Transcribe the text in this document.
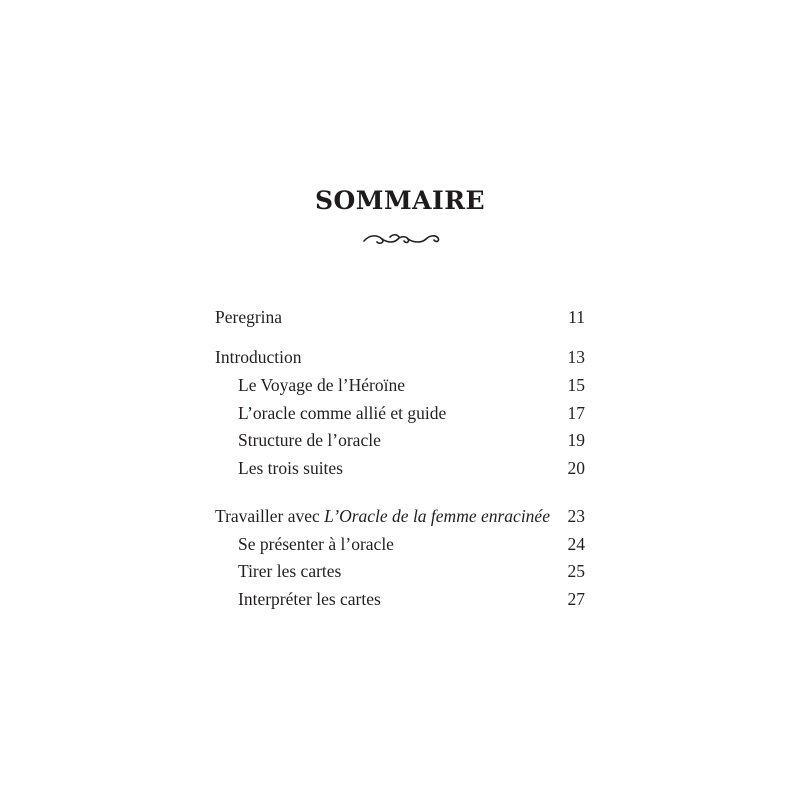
SOMMAIRE
Peregrina	11
Introduction	13
Le Voyage de l’Héroïne	15
L’oracle comme allié et guide	17
Structure de l’oracle	19
Les trois suites	20
Travailler avec L’Oracle de la femme enracinée 23
Se présenter à l’oracle	24
Tirer les cartes	25
Interpréter les cartes	27
